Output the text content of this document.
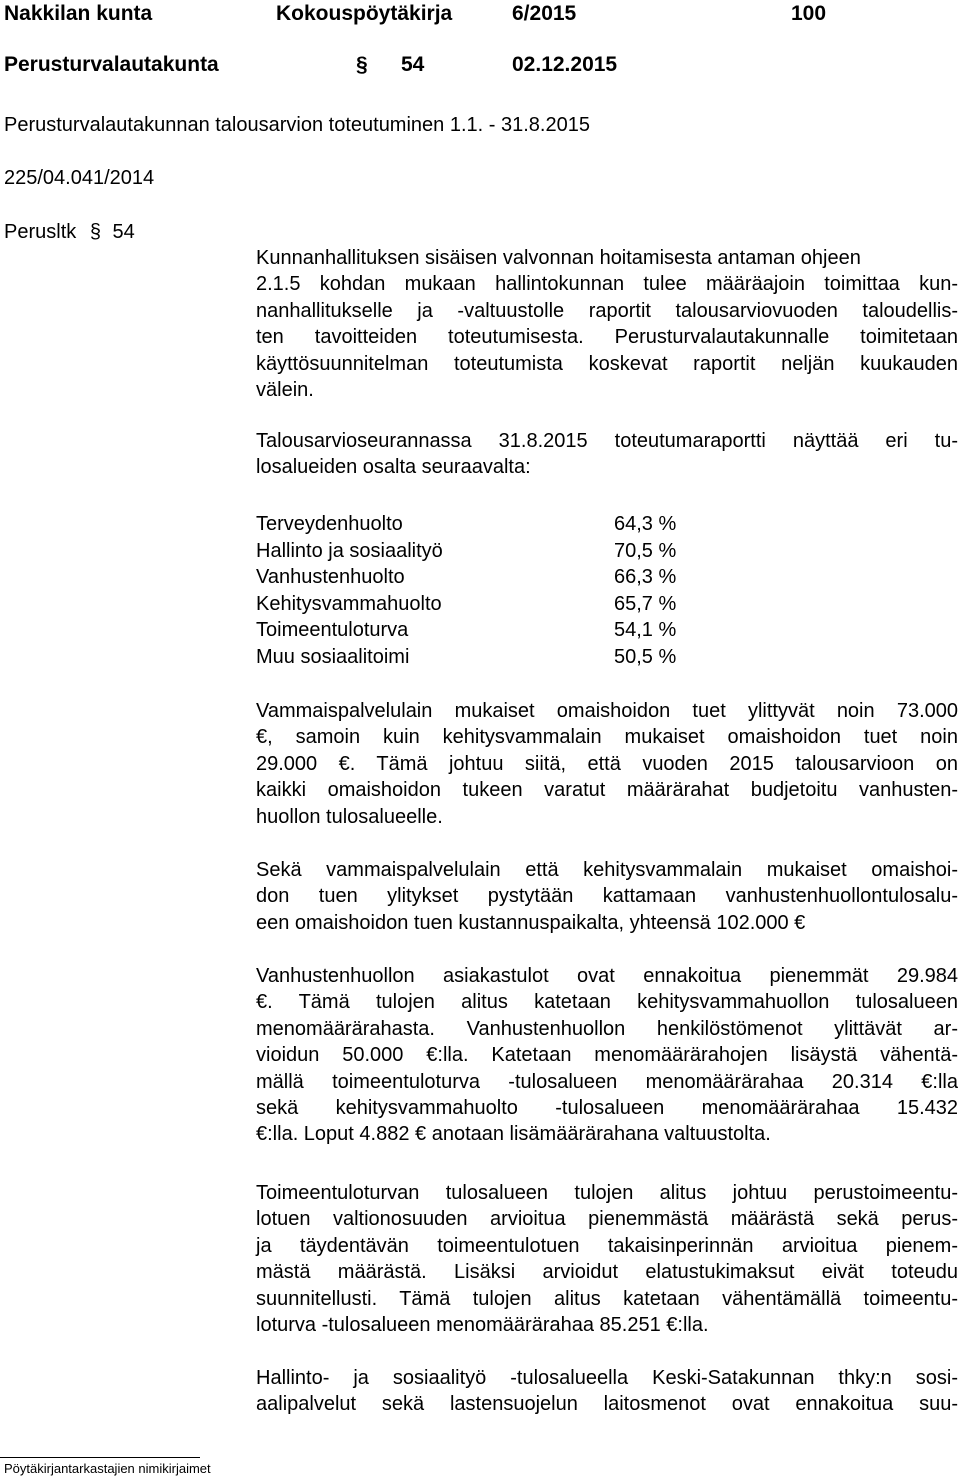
Nakkilan kunta	Kokouspöytäkirja	6/2015	100
Perusturvalautakunta	§ 54	02.12.2015
Perusturvalautakunnan talousarvion toteutuminen 1.1. - 31.8.2015
225/04.041/2014
Perusltk § 54
Kunnanhallituksen sisäisen valvonnan hoitamisesta antaman ohjeen
2.1.5 kohdan mukaan hallintokunnan tulee määräajoin toimittaa kun-
nanhallitukselle ja -valtuustolle raportit talousarviovuoden taloudellis-
ten tavoitteiden toteutumisesta. Perusturvalautakunnalle toimitetaan
käyttösuunnitelman toteutumista koskevat raportit neljän kuukauden
välein.
Talousarvioseurannassa 31.8.2015 toteutumaraportti näyttää eri tu-
losalueiden osalta seuraavalta:
Terveydenhuolto	64,3 %
Hallinto ja sosiaalityö	70,5 %
Vanhustenhuolto	66,3 %
Kehitysvammahuolto	65,7 %
Toimeentuloturva	54,1 %
Muu sosiaalitoimi	50,5 %
Vammaispalvelulain mukaiset omaishoidon tuet ylittyvät noin 73.000
€, samoin kuin kehitysvammalain mukaiset omaishoidon tuet noin
29.000 €. Tämä johtuu siitä, että vuoden 2015 talousarvioon on
kaikki omaishoidon tukeen varatut määrärahat budjetoitu vanhusten-
huollon tulosalueelle.
Sekä vammaispalvelulain että kehitysvammalain mukaiset omaishoi-
don tuen ylitykset pystytään kattamaan vanhustenhuollontulosalu-
een omaishoidon tuen kustannuspaikalta, yhteensä 102.000 €
Vanhustenhuollon asiakastulot ovat ennakoitua pienemmät 29.984
€. Tämä tulojen alitus katetaan kehitysvammahuollon tulosalueen
menomäärärahasta. Vanhustenhuollon henkilöstömenot ylittävät ar-
vioidun 50.000 €:lla. Katetaan menomäärärahojen lisäystä vähentä-
mällä toimeentuloturva -tulosalueen menomäärärahaa 20.314 €:lla
sekä kehitysvammahuolto -tulosalueen menomäärärahaa 15.432
€:lla. Loput 4.882 € anotaan lisämäärärahana valtuustolta.
Toimeentuloturvan tulosalueen tulojen alitus johtuu perustoimeentu-
lotuen valtionosuuden arvioitua pienemmästä määrästä sekä perus-
ja täydentävän toimeentulotuen takaisinperinnän arvioitua pienem-
mästä määrästä. Lisäksi arvioidut elatustukimaksut eivät toteudu
suunnitellusti. Tämä tulojen alitus katetaan vähentämällä toimeentu-
loturva -tulosalueen menomäärärahaa 85.251 €:lla.
Hallinto- ja sosiaalityö -tulosalueella Keski-Satakunnan thky:n sosi-
aalipalvelut sekä lastensuojelun laitosmenot ovat ennakoitua suu-
Pöytäkirjantarkastajien nimikirjaimet
